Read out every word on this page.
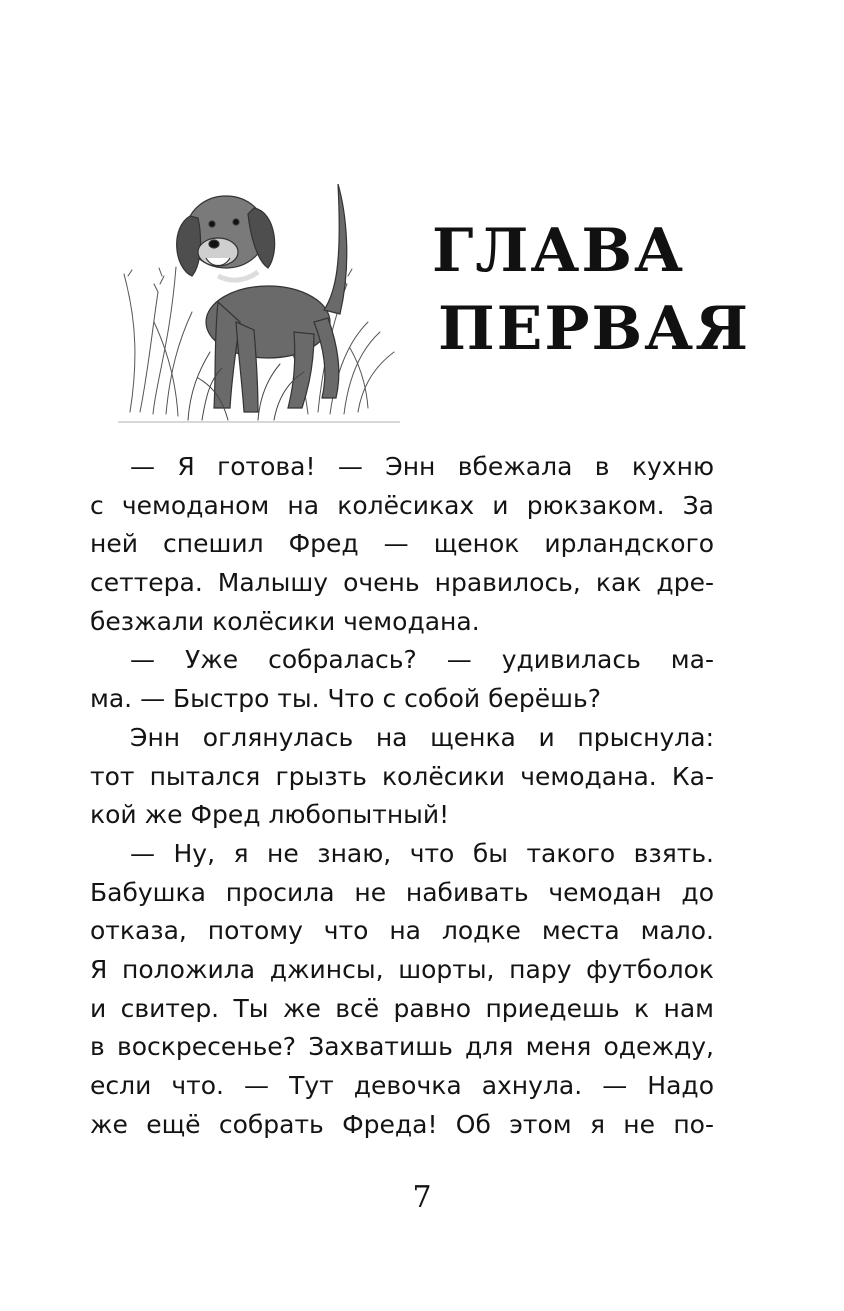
ГЛАВА
ПЕРВАЯ
— Я готова! — Энн вбежала в кухню
с чемоданом на колёсиках и рюкзаком. За
ней спешил Фред — щенок ирландского
сеттера. Малышу очень нравилось, как дре-
безжали колёсики чемодана.
— Уже собралась? — удивилась ма-
ма. — Быстро ты. Что с собой берёшь?
Энн оглянулась на щенка и прыснула:
тот пытался грызть колёсики чемодана. Ка-
кой же Фред любопытный!
— Ну, я не знаю, что бы такого взять.
Бабушка просила не набивать чемодан до
отказа, потому что на лодке места мало.
Я положила джинсы, шорты, пару футболок
и свитер. Ты же всё равно приедешь к нам
в воскресенье? Захватишь для меня одежду,
если что. — Тут девочка ахнула. — Надо
же ещё собрать Фреда! Об этом я не по-
7
